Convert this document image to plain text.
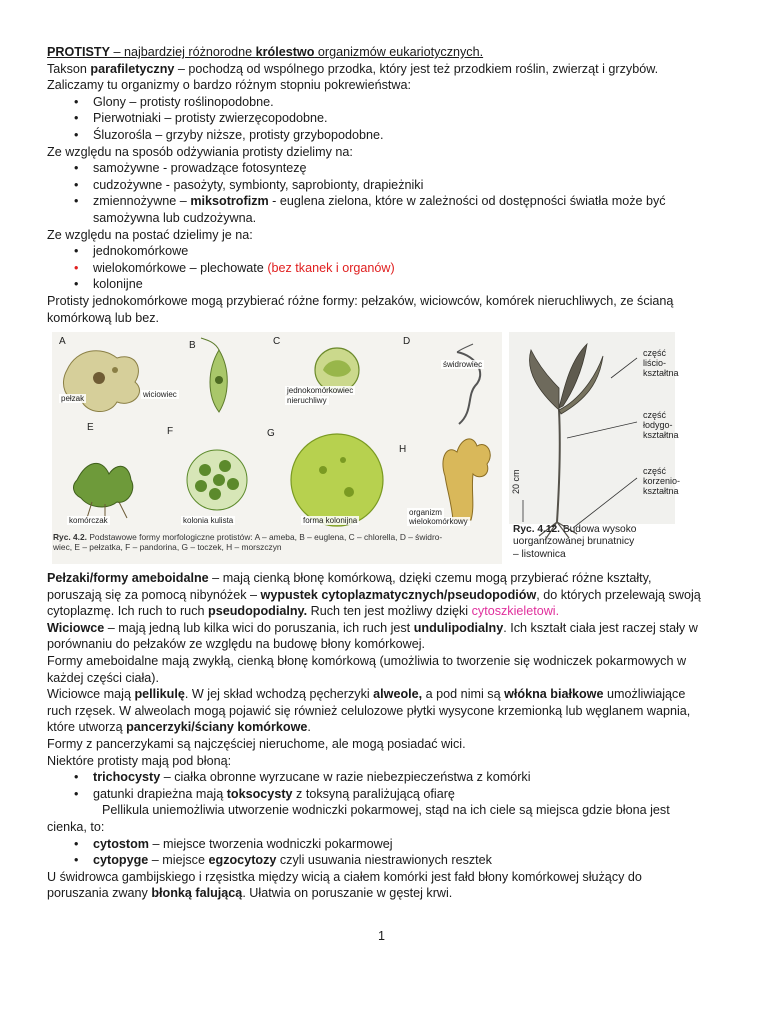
PROTISTY – najbardziej różnorodne królestwo organizmów eukariotycznych.

Takson parafiletyczny – pochodzą od wspólnego przodka, który jest też przodkiem roślin, zwierząt i grzybów.

Zaliczamy tu organizmy o bardzo różnym stopniu pokrewieństwa:

• Glony – protisty roślinopodobne.
• Pierwotniaki – protisty zwierzęcopodobne.
• Śluzorośla – grzyby niższe, protisty grzybopodobne.

Ze względu na sposób odżywiania protisty dzielimy na:

• samożywne - prowadzące fotosyntezę
• cudzożywne - pasożyty, symbionty, saprobionty, drapieżniki
• zmiennożywne – miksotrofizm - euglena zielona, które w zależności od dostępności światła może być
samożywna lub cudzożywna.

Ze względu na postać dzielimy je na:

• jednokomórkowe
• wielokomórkowe – plechowate (bez tkanek i organów)
• kolonijne

Protisty jednokomórkowe mogą przybierać różne formy: pełzaków, wiciowców, komórek nieruchliwych, ze ścianą

komórkową lub bez.

A	B	C	D
E	F	G
H
pełzak	wiciowiec	jednokomórkowiec
nieruchliwy
świdrowiec
komórczak	kolonia kulista	forma kolonijna
organizm
wielokomórkowy
Ryc. 4.2. Podstawowe formy morfologiczne protistów: A – ameba, B – euglena, C – chlorella, D – świdro-
wiec, E – pełzatka, F – pandorina, G – toczek, H – morszczyn
część
liścio-
kształtna
część
łodygo-
kształtna
część
korzenio-
kształtna
20 cm
Ryc. 4.12. Budowa wysoko
uorganizowanej brunatnicy
– listownica

Pełzaki/formy ameboidalne – mają cienką błonę komórkową, dzięki czemu mogą przybierać różne kształty,

poruszają się za pomocą nibynóżek – wypustek cytoplazmatycznych/pseudopodiów, do których przelewają swoją

cytoplazmę. Ich ruch to ruch pseudopodialny. Ruch ten jest możliwy dzięki cytoszkieletowi.

Wiciowce – mają jedną lub kilka wici do poruszania, ich ruch jest undulipodialny. Ich kształt ciała jest raczej stały w

porównaniu do pełzaków ze względu na budowę błony komórkowej.

Formy ameboidalne mają zwykłą, cienką błonę komórkową (umożliwia to tworzenie się wodniczek pokarmowych w

każdej części ciała).

Wiciowce mają pellikulę. W jej skład wchodzą pęcherzyki alweole, a pod nimi są włókna białkowe umożliwiające

ruch rzęsek. W alweolach mogą pojawić się również celulozowe płytki wysycone krzemionką lub węglanem wapnia,

które utworzą pancerzyki/ściany komórkowe.

Formy z pancerzykami są najczęściej nieruchome, ale mogą posiadać wici.

Niektóre protisty mają pod błoną:

• trichocysty – ciałka obronne wyrzucane w razie niebezpieczeństwa z komórki
• gatunki drapieżna mają toksocysty z toksyną paraliżującą ofiarę

Pellikula uniemożliwia utworzenie wodniczki pokarmowej, stąd na ich ciele są miejsca gdzie błona jest

cienka, to:

• cytostom – miejsce tworzenia wodniczki pokarmowej
• cytopyge – miejsce egzocytozy czyli usuwania niestrawionych resztek

U świdrowca gambijskiego i rzęsistka między wicią a ciałem komórki jest fałd błony komórkowej służący do

poruszania zwany błonką falującą. Ułatwia on poruszanie w gęstej krwi.

1
